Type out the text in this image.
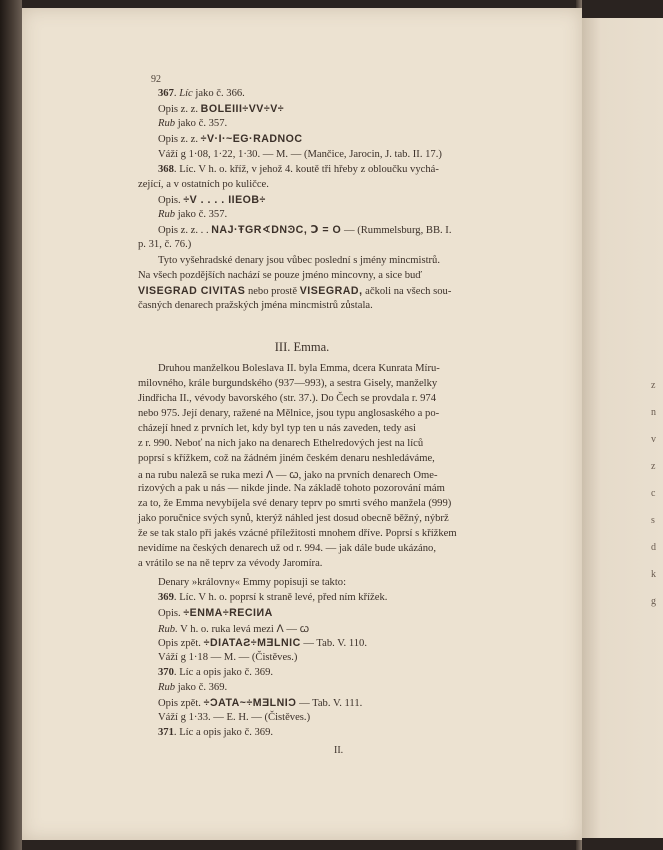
z
n
v
z
c
s
d
k
g
92
367. Líc jako č. 366.
Opis z. z. BOLEIII÷VV÷V÷
Rub jako č. 357.
Opis z. z. ÷V·I·~EG·RADNOC
Váží g 1·08, 1·22, 1·30. — M. — (Mančice, Jarocin, J. tab. II. 17.)
368. Líc. V h. o. kříž, v jehož 4. koutě tři hřeby z obloučku vychá-
zející, a v ostatních po kuličce.
Opis. ÷V . . . . IIEOB÷
Rub jako č. 357.
Opis z. z. . . NAJ·ŦGR∢DNϿC, Ↄ = O — (Rummelsburg, BB. I.
p. 31, č. 76.)
Tyto vyšehradské denary jsou vůbec poslední s jmény mincmistrů.
Na všech pozdějších nachází se pouze jméno mincovny, a sice buď
VISEGRAD CIVITAS nebo prostě VISEGRAD, ačkoli na všech sou-
časných denarech pražských jména mincmistrů zůstala.
III. Emma.
Druhou manželkou Boleslava II. byla Emma, dcera Kunrata Míru-
milovného, krále burgundského (937—993), a sestra Gisely, manželky
Jindřicha II., vévody bavorského (str. 37.). Do Čech se provdala r. 974
nebo 975. Její denary, ražené na Mělnice, jsou typu anglosaského a po-
cházejí hned z prvních let, kdy byl typ ten u nás zaveden, tedy asi
z r. 990. Neboť na nich jako na denarech Ethelredových jest na líců
poprsí s křížkem, což na žádném jiném českém denaru neshledáváme,
a na rubu naleză se ruka mezi ⴷ — ꞷ, jako na prvních denarech Ome-
rizových a pak u nás — nikde jinde. Na základě tohoto pozorování mám
za to, že Emma nevybíjela své denary teprv po smrti svého manžela (999)
jako poručnice svých synů, kterýž náhled jest dosud obecně běžný, nýbrž
že se tak stalo při jakés vzácné příležitosti mnohem dříve. Poprsí s křížkem
nevidíme na českých denarech už od r. 994. — jak dále bude ukázáno,
a vrátilo se na ně teprv za vévody Jaromíra.
Denary »královny« Emmy popisuji se takto:
369. Líc. V h. o. poprsí k straně levé, před ním křížek.
Opis. ÷ENMA÷RECIИA
Rub. V h. o. ruka levá mezi ⴷ — ꞷ
Opis zpět. ÷DIATAƧ÷MƎLNIC — Tab. V. 110.
Váží g 1·18 — M. — (Čistěves.)
370. Líc a opis jako č. 369.
Rub jako č. 369.
Opis zpět. ÷ƆATA~÷MƎLNIƆ — Tab. V. 111.
Váží g 1·33. — E. H. — (Čistěves.)
371. Líc a opis jako č. 369.
II.
